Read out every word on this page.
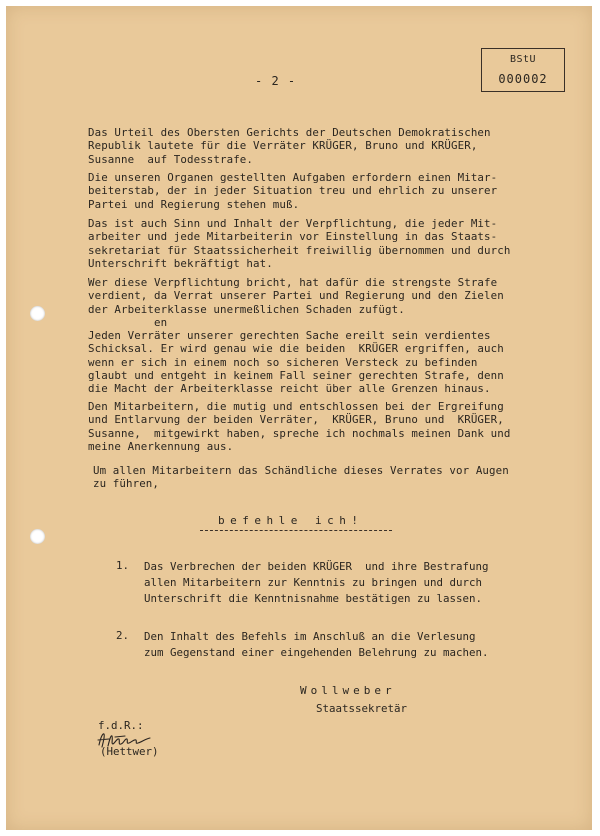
BStU
000002
- 2 -

Das Urteil des Obersten Gerichts der Deutschen Demokratischen
Republik lautete für die Verräter KRÜGER, Bruno und KRÜGER,
Susanne  auf Todesstrafe.

Die unseren Organen gestellten Aufgaben erfordern einen Mitar-
beiterstab, der in jeder Situation treu und ehrlich zu unserer
Partei und Regierung stehen muß.

Das ist auch Sinn und Inhalt der Verpflichtung, die jeder Mit-
arbeiter und jede Mitarbeiterin vor Einstellung in das Staats-
sekretariat für Staatssicherheit freiwillig übernommen und durch
Unterschrift bekräftigt hat.

Wer diese Verpflichtung bricht, hat dafür die strengste Strafe
verdient, da Verrat unserer Partei und Regierung und den Zielen
der Arbeiterklasse unermeßlichen Schaden zufügt.
en
Jeden Verräter unserer gerechten Sache ereilt sein verdientes
Schicksal. Er wird genau wie die beiden  KRÜGER ergriffen, auch
wenn er sich in einem noch so sicheren Versteck zu befinden
glaubt und entgeht in keinem Fall seiner gerechten Strafe, denn
die Macht der Arbeiterklasse reicht über alle Grenzen hinaus.

Den Mitarbeitern, die mutig und entschlossen bei der Ergreifung
und Entlarvung der beiden Verräter,  KRÜGER, Bruno und  KRÜGER,
Susanne,  mitgewirkt haben, spreche ich nochmals meinen Dank und
meine Anerkennung aus.

Um allen Mitarbeitern das Schändliche dieses Verrates vor Augen
zu führen,

befehle ich!
1. Das Verbrechen der beiden KRÜGER  und ihre Bestrafung
allen Mitarbeitern zur Kenntnis zu bringen und durch
Unterschrift die Kenntnisnahme bestätigen zu lassen.

2. Den Inhalt des Befehls im Anschluß an die Verlesung
zum Gegenstand einer eingehenden Belehrung zu machen.

Wollweber
Staatssekretär
f.d.R.:
(Hettwer)
